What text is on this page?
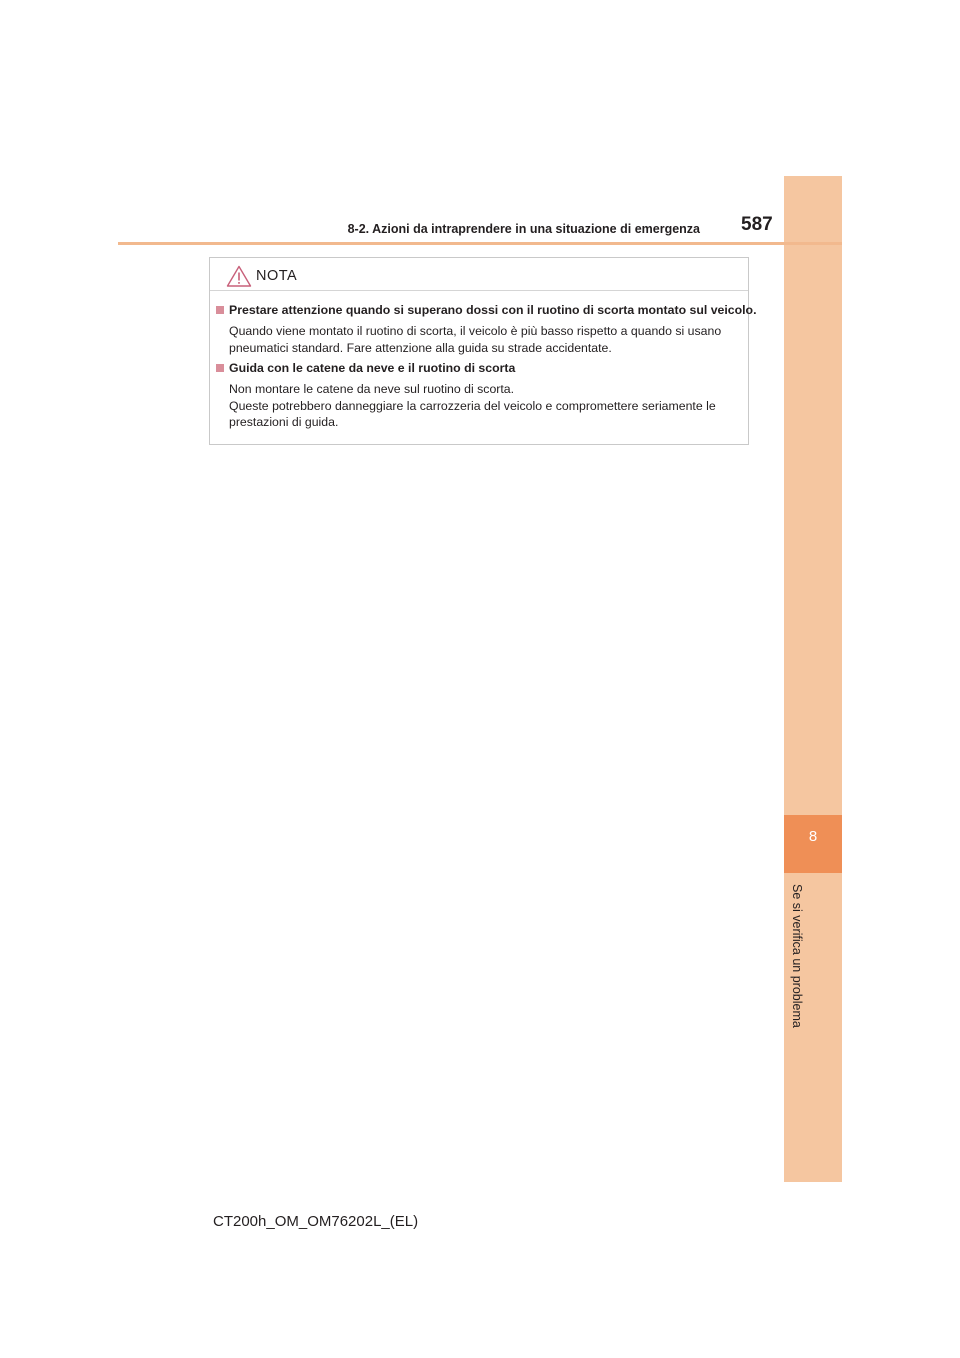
8
Se si verifica un problema
8-2. Azioni da intraprendere in una situazione di emergenza 587
NOTA
Prestare attenzione quando si superano dossi con il ruotino di scorta montato sul veicolo.
Quando viene montato il ruotino di scorta, il veicolo è più basso rispetto a quando si usano pneumatici standard. Fare attenzione alla guida su strade accidentate.
Guida con le catene da neve e il ruotino di scorta
Non montare le catene da neve sul ruotino di scorta.
Queste potrebbero danneggiare la carrozzeria del veicolo e compromettere seriamente le prestazioni di guida.
CT200h_OM_OM76202L_(EL)
